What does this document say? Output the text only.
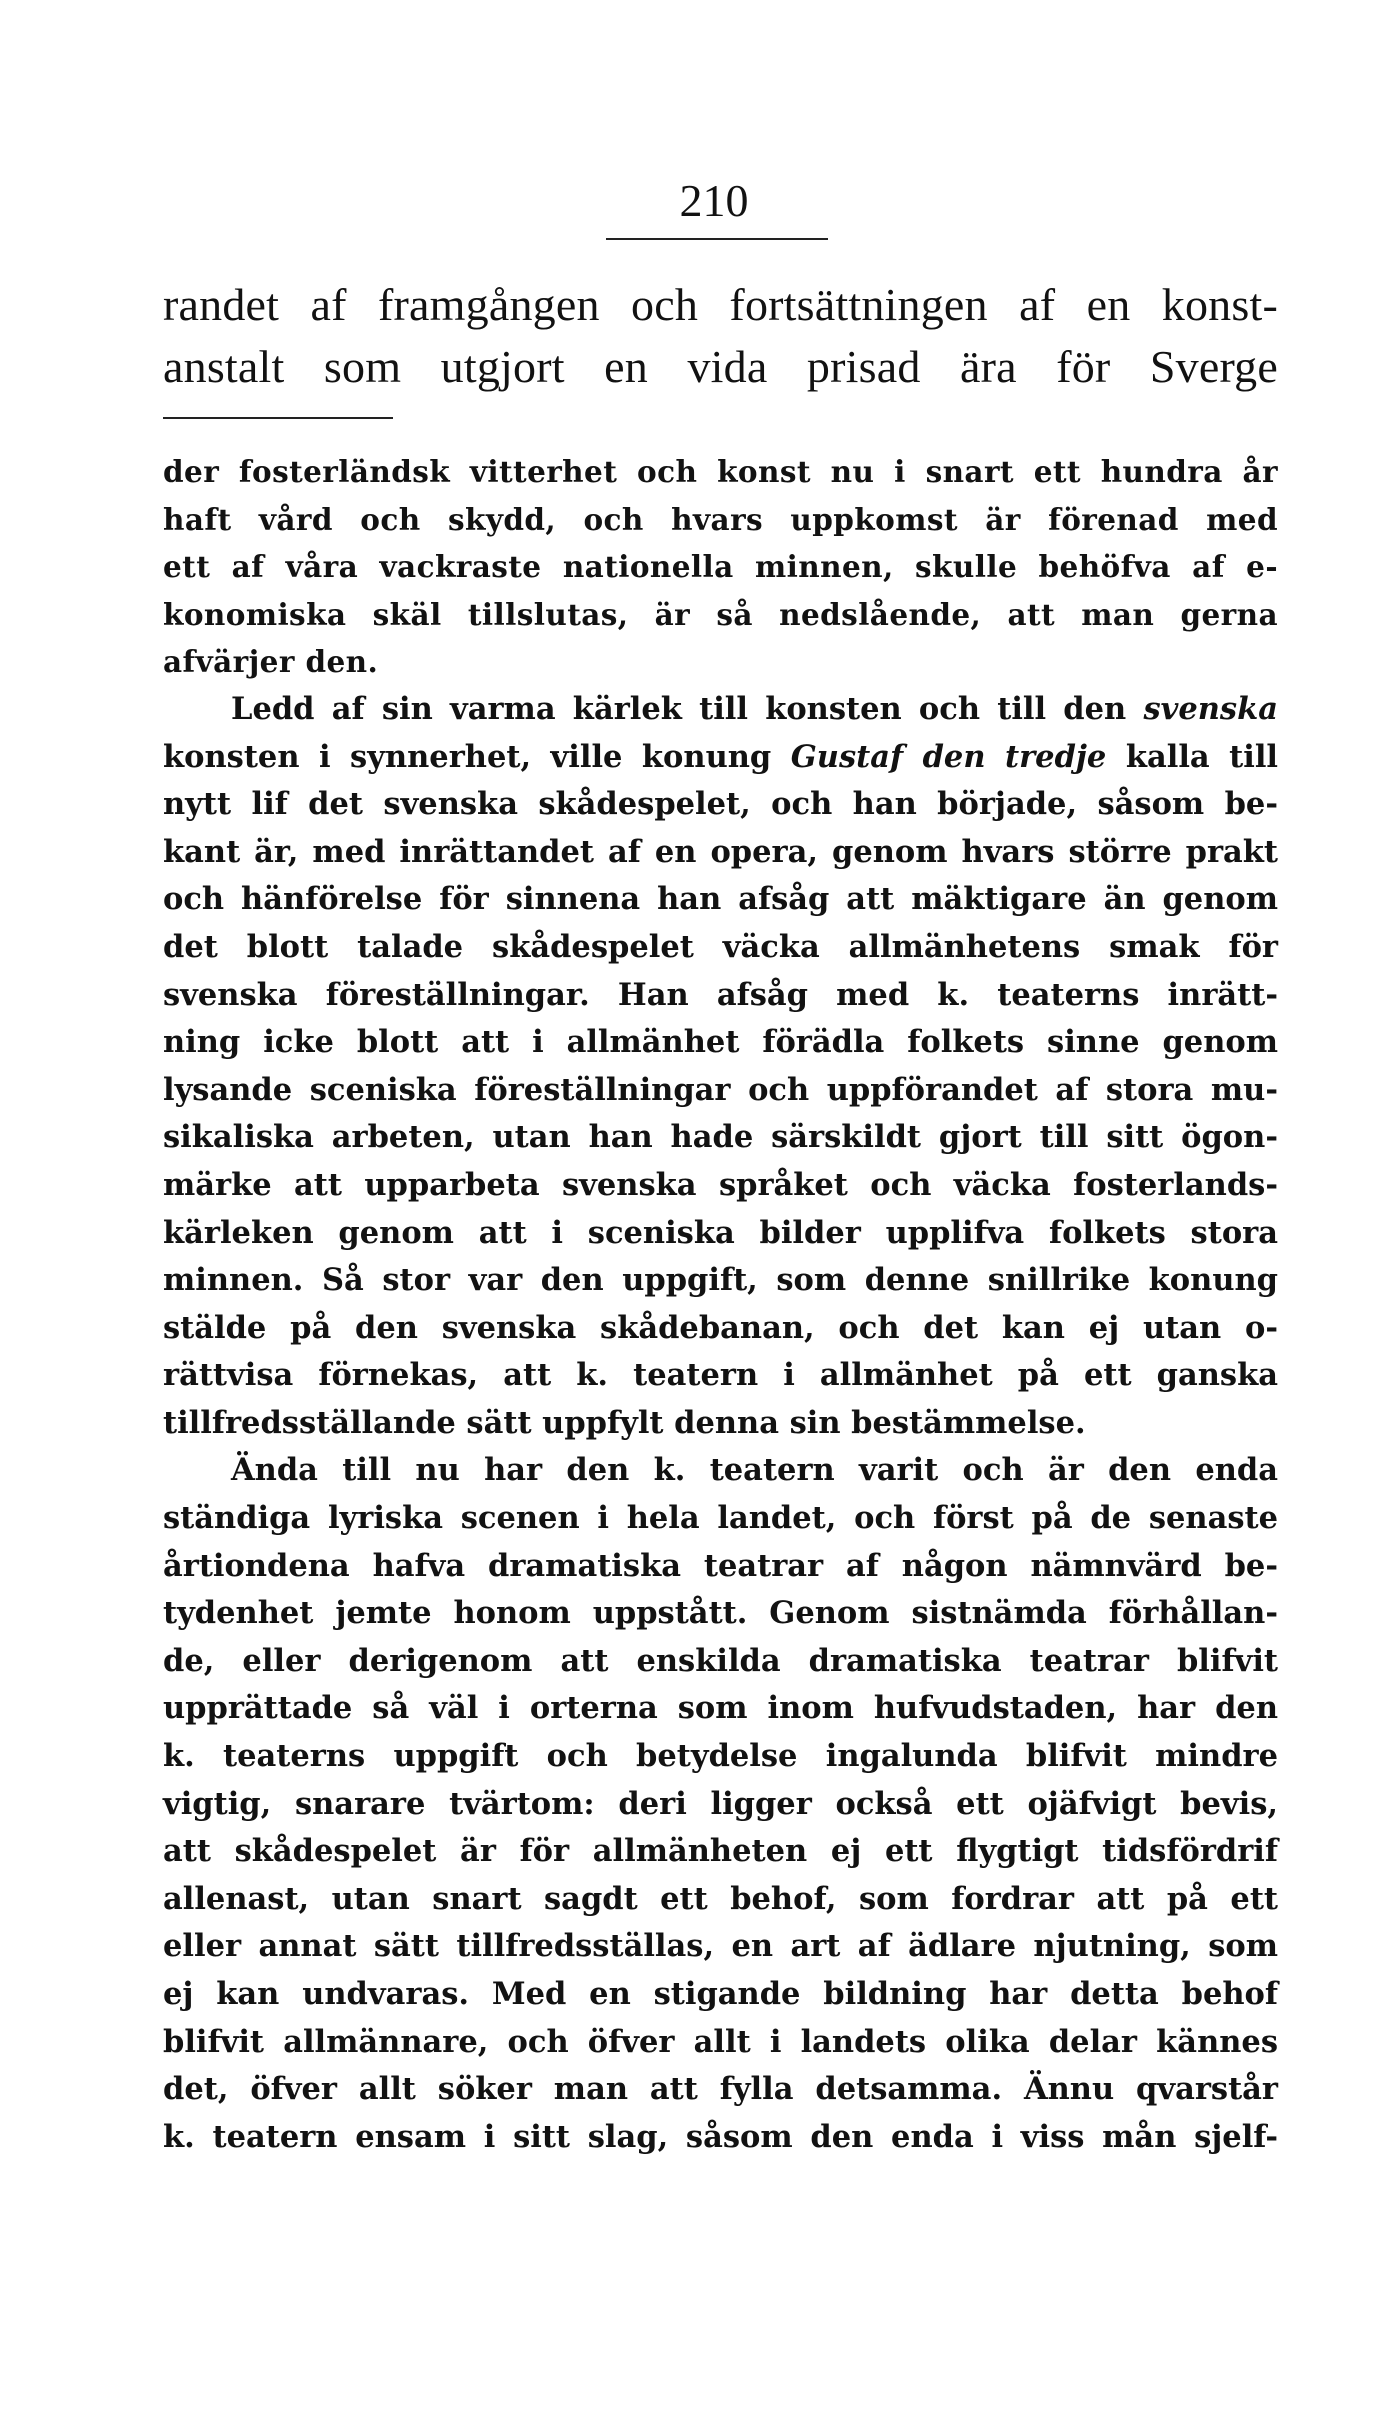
210
randet af framgången och fortsättningen af en konst-
anstalt som utgjort en vida prisad ära för Sverge
der fosterländsk vitterhet och konst nu i snart ett hundra år
haft vård och skydd, och hvars uppkomst är förenad med
ett af våra vackraste nationella minnen, skulle behöfva af e-
konomiska skäl tillslutas, är så nedslående, att man gerna
afvärjer den.
Ledd af sin varma kärlek till konsten och till den svenska
konsten i synnerhet, ville konung Gustaf den tredje kalla till
nytt lif det svenska skådespelet, och han började, såsom be-
kant är, med inrättandet af en opera, genom hvars större prakt
och hänförelse för sinnena han afsåg att mäktigare än genom
det blott talade skådespelet väcka allmänhetens smak för
svenska föreställningar. Han afsåg med k. teaterns inrätt-
ning icke blott att i allmänhet förädla folkets sinne genom
lysande sceniska föreställningar och uppförandet af stora mu-
sikaliska arbeten, utan han hade särskildt gjort till sitt ögon-
märke att upparbeta svenska språket och väcka fosterlands-
kärleken genom att i sceniska bilder upplifva folkets stora
minnen. Så stor var den uppgift, som denne snillrike konung
stälde på den svenska skådebanan, och det kan ej utan o-
rättvisa förnekas, att k. teatern i allmänhet på ett ganska
tillfredsställande sätt uppfylt denna sin bestämmelse.
Ända till nu har den k. teatern varit och är den enda
ständiga lyriska scenen i hela landet, och först på de senaste
årtiondena hafva dramatiska teatrar af någon nämnvärd be-
tydenhet jemte honom uppstått. Genom sistnämda förhållan-
de, eller derigenom att enskilda dramatiska teatrar blifvit
upprättade så väl i orterna som inom hufvudstaden, har den
k. teaterns uppgift och betydelse ingalunda blifvit mindre
vigtig, snarare tvärtom: deri ligger också ett ojäfvigt bevis,
att skådespelet är för allmänheten ej ett flygtigt tidsfördrif
allenast, utan snart sagdt ett behof, som fordrar att på ett
eller annat sätt tillfredsställas, en art af ädlare njutning, som
ej kan undvaras. Med en stigande bildning har detta behof
blifvit allmännare, och öfver allt i landets olika delar kännes
det, öfver allt söker man att fylla detsamma. Ännu qvarstår
k. teatern ensam i sitt slag, såsom den enda i viss mån sjelf-
